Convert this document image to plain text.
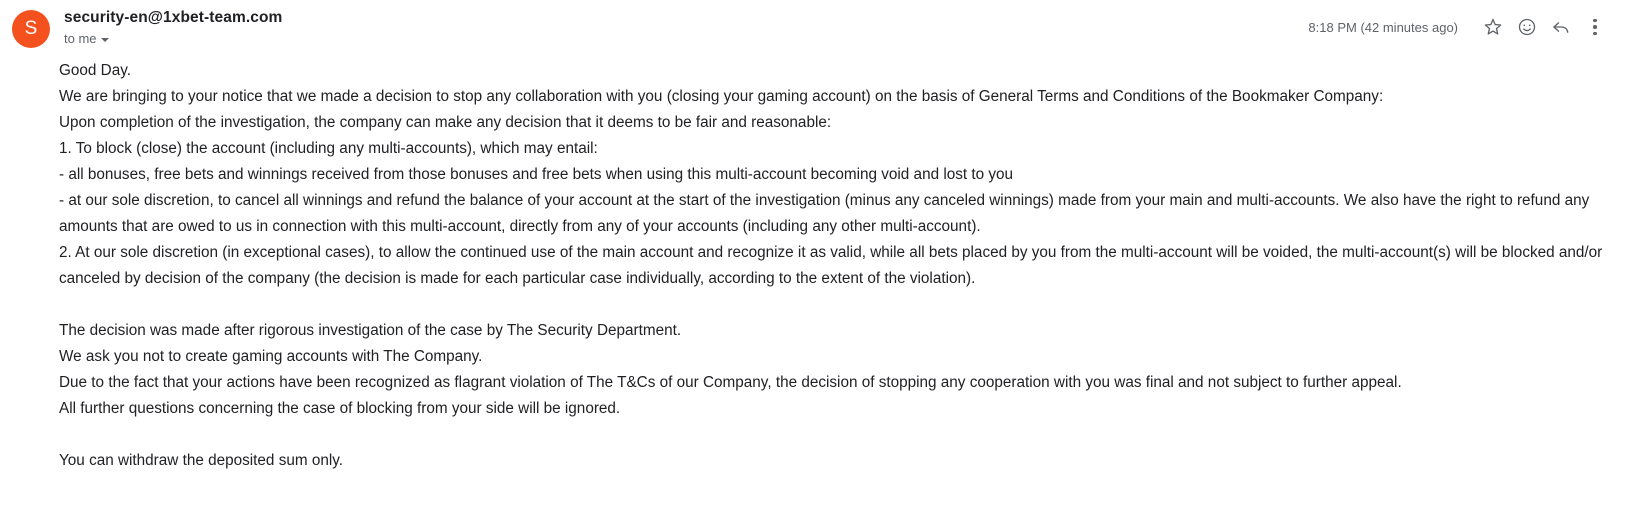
S
security-en@1xbet-team.com
to me
8:18 PM (42 minutes ago)

Good Day.

We are bringing to your notice that we made a decision to stop any collaboration with you (closing your gaming account) on the basis of General Terms and Conditions of the Bookmaker Company:

Upon completion of the investigation, the company can make any decision that it deems to be fair and reasonable:

1. To block (close) the account (including any multi-accounts), which may entail:

- all bonuses, free bets and winnings received from those bonuses and free bets when using this multi-account becoming void and lost to you

- at our sole discretion, to cancel all winnings and refund the balance of your account at the start of the investigation (minus any canceled winnings) made from your main and multi-accounts. We also have the right to refund any amounts that are owed to us in connection with this multi-account, directly from any of your accounts (including any other multi-account).

2. At our sole discretion (in exceptional cases), to allow the continued use of the main account and recognize it as valid, while all bets placed by you from the multi-account will be voided, the multi-account(s) will be blocked and/or canceled by decision of the company (the decision is made for each particular case individually, according to the extent of the violation).

The decision was made after rigorous investigation of the case by The Security Department.

We ask you not to create gaming accounts with The Company.

Due to the fact that your actions have been recognized as flagrant violation of The T&Cs of our Company, the decision of stopping any cooperation with you was final and not subject to further appeal.

All further questions concerning the case of blocking from your side will be ignored.

You can withdraw the deposited sum only.
